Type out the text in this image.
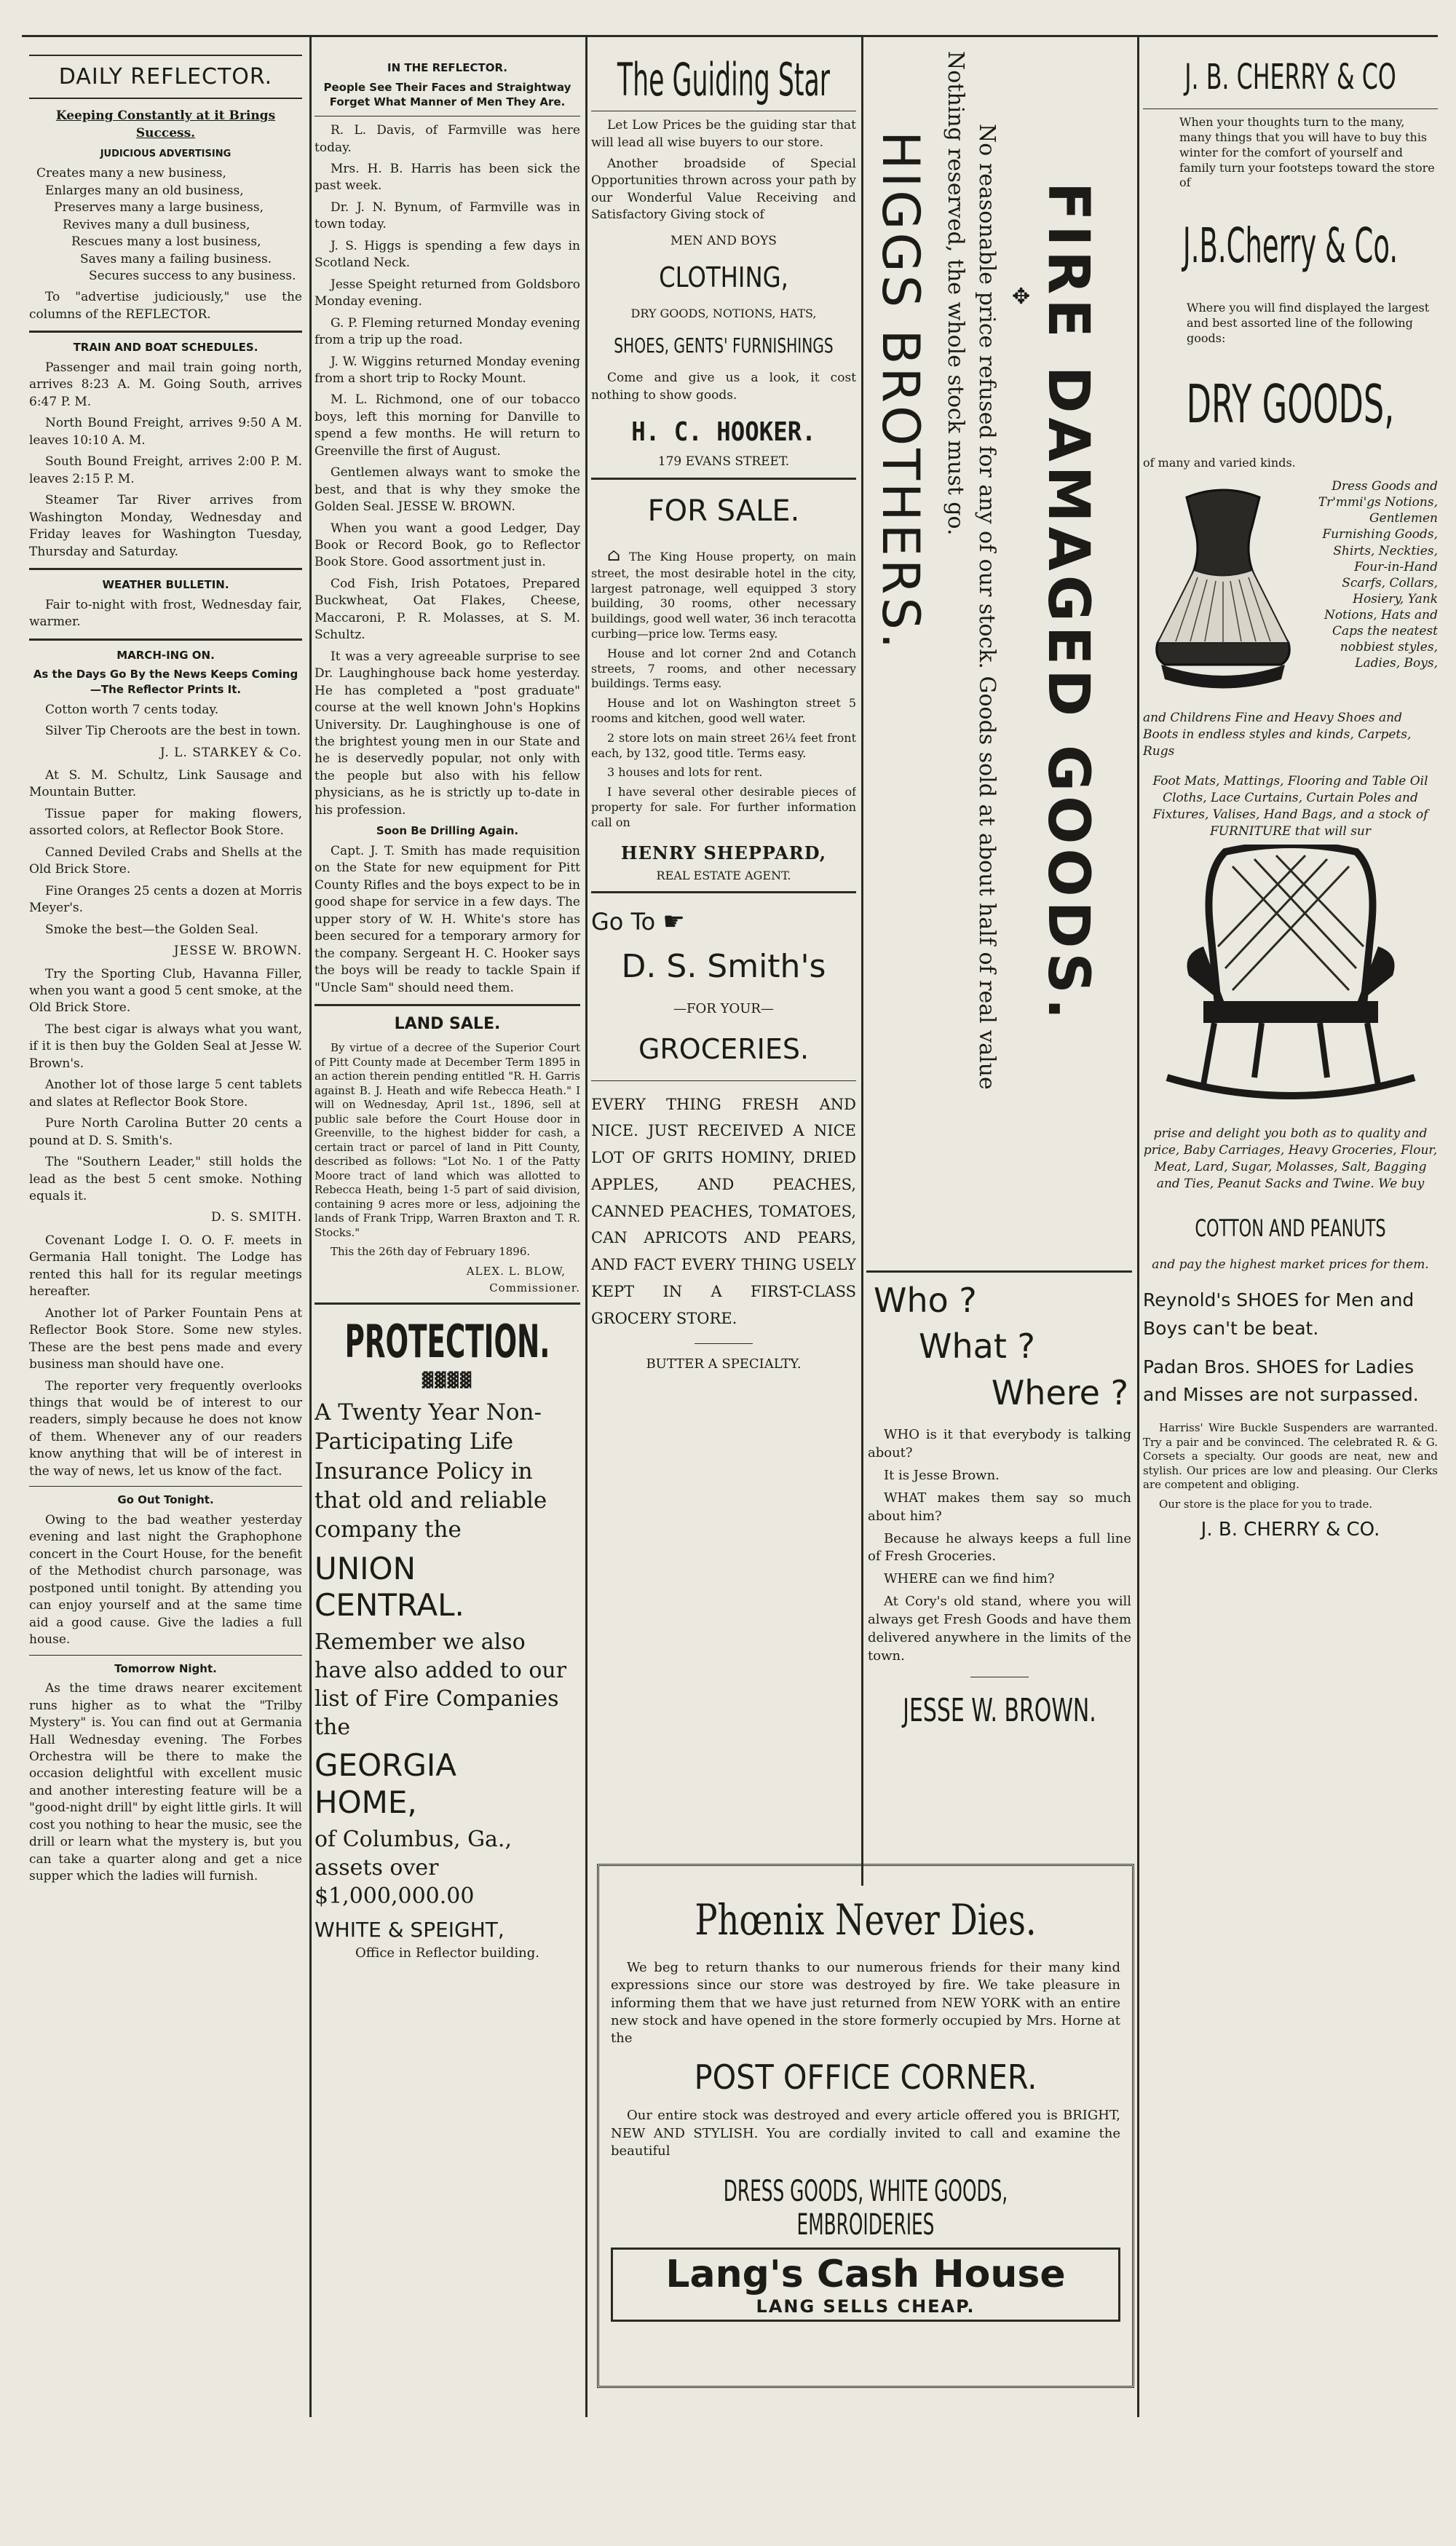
DAILY REFLECTOR.
Keeping Constantly at it Brings Success.
JUDICIOUS ADVERTISING
Creates many a new business,
Enlarges many an old business,
Preserves many a large business,
Revives many a dull business,
Rescues many a lost business,
Saves many a failing business.
Secures success to any business.
To "advertise judiciously," use the columns of the REFLECTOR.
TRAIN AND BOAT SCHEDULES.
Passenger and mail train going north, arrives 8:23 A. M. Going South, arrives 6:47 P. M.
North Bound Freight, arrives 9:50 A M. leaves 10:10 A. M.
South Bound Freight, arrives 2:00 P. M. leaves 2:15 P. M.
Steamer Tar River arrives from Washington Monday, Wednesday and Friday leaves for Washington Tuesday, Thursday and Saturday.
WEATHER BULLETIN.
Fair to-night with frost, Wednesday fair, warmer.
MARCH-ING ON.
As the Days Go By the News Keeps Coming—The Reflector Prints It.
Cotton worth 7 cents today.
Silver Tip Cheroots are the best in town.
J. L. STARKEY & Co.
At S. M. Schultz, Link Sausage and Mountain Butter.
Tissue paper for making flowers, assorted colors, at Reflector Book Store.
Canned Deviled Crabs and Shells at the Old Brick Store.
Fine Oranges 25 cents a dozen at Morris Meyer's.
Smoke the best—the Golden Seal.
JESSE W. BROWN.
Try the Sporting Club, Havanna Filler, when you want a good 5 cent smoke, at the Old Brick Store.
The best cigar is always what you want, if it is then buy the Golden Seal at Jesse W. Brown's.
Another lot of those large 5 cent tablets and slates at Reflector Book Store.
Pure North Carolina Butter 20 cents a pound at D. S. Smith's.
The "Southern Leader," still holds the lead as the best 5 cent smoke. Nothing equals it.
D. S. SMITH.
Covenant Lodge I. O. O. F. meets in Germania Hall tonight. The Lodge has rented this hall for its regular meetings hereafter.
Another lot of Parker Fountain Pens at Reflector Book Store. Some new styles. These are the best pens made and every business man should have one.
The reporter very frequently overlooks things that would be of interest to our readers, simply because he does not know of them. Whenever any of our readers know anything that will be of interest in the way of news, let us know of the fact.
Go Out Tonight.
Owing to the bad weather yesterday evening and last night the Graphophone concert in the Court House, for the benefit of the Methodist church parsonage, was postponed until tonight. By attending you can enjoy yourself and at the same time aid a good cause. Give the ladies a full house.
Tomorrow Night.
As the time draws nearer excitement runs higher as to what the "Trilby Mystery" is. You can find out at Germania Hall Wednesday evening. The Forbes Orchestra will be there to make the occasion delightful with excellent music and another interesting feature will be a "good-night drill" by eight little girls. It will cost you nothing to hear the music, see the drill or learn what the mystery is, but you can take a quarter along and get a nice supper which the ladies will furnish.
IN THE REFLECTOR.
People See Their Faces and Straightway Forget What Manner of Men They Are.
R. L. Davis, of Farmville was here today.
Mrs. H. B. Harris has been sick the past week.
Dr. J. N. Bynum, of Farmville was in town today.
J. S. Higgs is spending a few days in Scotland Neck.
Jesse Speight returned from Goldsboro Monday evening.
G. P. Fleming returned Monday evening from a trip up the road.
J. W. Wiggins returned Monday evening from a short trip to Rocky Mount.
M. L. Richmond, one of our tobacco boys, left this morning for Danville to spend a few months. He will return to Greenville the first of August.
Gentlemen always want to smoke the best, and that is why they smoke the Golden Seal. JESSE W. BROWN.
When you want a good Ledger, Day Book or Record Book, go to Reflector Book Store. Good assortment just in.
Cod Fish, Irish Potatoes, Prepared Buckwheat, Oat Flakes, Cheese, Maccaroni, P. R. Molasses, at S. M. Schultz.
It was a very agreeable surprise to see Dr. Laughinghouse back home yesterday. He has completed a "post graduate" course at the well known John's Hopkins University. Dr. Laughinghouse is one of the brightest young men in our State and he is deservedly popular, not only with the people but also with his fellow physicians, as he is strictly up to-date in his profession.
Soon Be Drilling Again.
Capt. J. T. Smith has made requisition on the State for new equipment for Pitt County Rifles and the boys expect to be in good shape for service in a few days. The upper story of W. H. White's store has been secured for a temporary armory for the company. Sergeant H. C. Hooker says the boys will be ready to tackle Spain if "Uncle Sam" should need them.
LAND SALE.
By virtue of a decree of the Superior Court of Pitt County made at December Term 1895 in an action therein pending entitled "R. H. Garris against B. J. Heath and wife Rebecca Heath." I will on Wednesday, April 1st., 1896, sell at public sale before the Court House door in Greenville, to the highest bidder for cash, a certain tract or parcel of land in Pitt County, described as follows: "Lot No. 1 of the Patty Moore tract of land which was allotted to Rebecca Heath, being 1-5 part of said division, containing 9 acres more or less, adjoining the lands of Frank Tripp, Warren Braxton and T. R. Stocks."
This the 26th day of February 1896.
ALEX. L. BLOW,
Commissioner.
PROTECTION.
▓▓▓▓
A Twenty Year Non-Participating Life Insurance Policy in that old and reliable company the
UNION
CENTRAL.
Remember we also have also added to our list of Fire Companies the
GEORGIA
HOME,
of Columbus, Ga., assets over $1,000,000.00
WHITE & SPEIGHT,
Office in Reflector building.
The Guiding Star
Let Low Prices be the guiding star that will lead all wise buyers to our store.
Another broadside of Special Opportunities thrown across your path by our Wonderful Value Receiving and Satisfactory Giving stock of
MEN AND BOYS
CLOTHING,
DRY GOODS, NOTIONS, HATS,
SHOES, GENTS' FURNISHINGS
Come and give us a look, it cost nothing to show goods.
H. C. HOOKER.
179 EVANS STREET.
FOR SALE.
⌂ The King House property, on main street, the most desirable hotel in the city, largest patronage, well equipped 3 story building, 30 rooms, other necessary buildings, good well water, 36 inch teracotta curbing—price low. Terms easy.
House and lot corner 2nd and Cotanch streets, 7 rooms, and other necessary buildings. Terms easy.
House and lot on Washington street 5 rooms and kitchen, good well water.
2 store lots on main street 26¼ feet front each, by 132, good title. Terms easy.
3 houses and lots for rent.
I have several other desirable pieces of property for sale. For further information call on
HENRY SHEPPARD,
REAL ESTATE AGENT.
Go To ☛
D. S. Smith's
—FOR YOUR—
GROCERIES.
EVERY THING FRESH AND NICE. JUST RECEIVED A NICE LOT OF GRITS HOMINY, DRIED APPLES, AND PEACHES, CANNED PEACHES, TOMATOES, CAN APRICOTS AND PEARS, AND FACT EVERY THING USELY KEPT IN A FIRST-CLASS GROCERY STORE.
BUTTER A SPECIALTY.
HIGGS BROTHERS. Nothing reserved, the whole stock must go. No reasonable price refused for any of our stock. Goods sold at about half of real value ✥ FIRE DAMAGED GOODS.
Who ?
What ?
Where ?
WHO is it that everybody is talking about?
It is Jesse Brown.
WHAT makes them say so much about him?
Because he always keeps a full line of Fresh Groceries.
WHERE can we find him?
At Cory's old stand, where you will always get Fresh Goods and have them delivered anywhere in the limits of the town.
JESSE W. BROWN.
Phœnix Never Dies.
We beg to return thanks to our numerous friends for their many kind expressions since our store was destroyed by fire. We take pleasure in informing them that we have just returned from NEW YORK with an entire new stock and have opened in the store formerly occupied by Mrs. Horne at the
POST OFFICE CORNER.
Our entire stock was destroyed and every article offered you is BRIGHT, NEW AND STYLISH. You are cordially invited to call and examine the beautiful
DRESS GOODS, WHITE GOODS, EMBROIDERIES
Lang's Cash House
LANG SELLS CHEAP.
J. B. CHERRY & CO
When your thoughts turn to the many, many things that you will have to buy this winter for the comfort of yourself and family turn your footsteps toward the store of
J.B.Cherry & Co.
Where you will find displayed the largest and best assorted line of the following goods:
DRY GOODS,
of many and varied kinds.
Dress Goods and Tr'mmi'gs Notions, Gentlemen Furnishing Goods, Shirts, Neckties, Four-in-Hand Scarfs, Collars, Hosiery, Yank Notions, Hats and Caps the neatest nobbiest styles, Ladies, Boys,
and Childrens Fine and Heavy Shoes and Boots in endless styles and kinds, Carpets, Rugs
Foot Mats, Mattings, Flooring and Table Oil Cloths, Lace Curtains, Curtain Poles and Fixtures, Valises, Hand Bags, and a stock of FURNITURE that will sur
prise and delight you both as to quality and price, Baby Carriages, Heavy Groceries, Flour, Meat, Lard, Sugar, Molasses, Salt, Bagging and Ties, Peanut Sacks and Twine. We buy
COTTON AND PEANUTS
and pay the highest market prices for them.
Reynold's SHOES for Men and Boys can't be beat.
Padan Bros. SHOES for Ladies and Misses are not surpassed.
Harriss' Wire Buckle Suspenders are warranted. Try a pair and be convinced. The celebrated R. & G. Corsets a specialty. Our goods are neat, new and stylish. Our prices are low and pleasing. Our Clerks are competent and obliging.
Our store is the place for you to trade.
J. B. CHERRY & CO.
